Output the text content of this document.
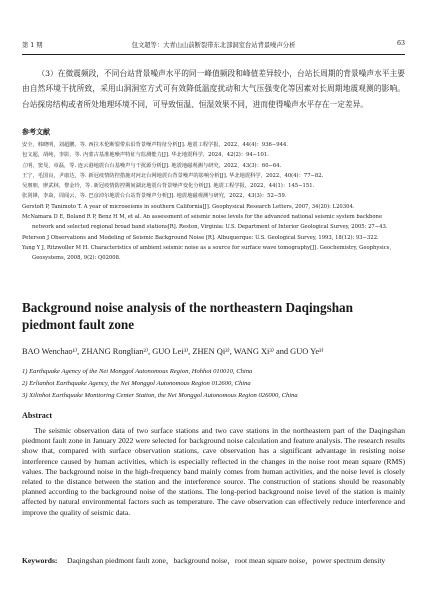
第 1 期	包文超等：大青山山前断裂带东北部洞室台站背景噪声分析	63

（3）在微震频段，不同台站背景噪声水平的同一峰值频段和峰值差异较小，台站长周期的背景噪声水平主要由自然环境干扰所致，采用山洞洞室方式可有效降低温度扰动和大气压强变化等因素对长周期地震观测的影响。台站探房结构或者所处地理环境不同，可导致恒温、恒湿效果不同，进而使得噪声水平存在一定差异。

参考文献
安全，韩晓明，刘超鹏，等. 西拉木伦断裂带东沿背景噪声特征分析[J]. 地震工程学报，2022，44(4)：936−944.
包文超，胡纯，李影，等. 内蒙古基准地噪声特征与监测能力[J]. 华北地震科学，2024，42(2)：94−101.
立明，窦旻，章磊，等. 连云港地震台台基噪声与干扰源分析[J]. 地震地磁观测与研究，2022，43(3)：60−64.
王宁，毛国良，尹康达，等. 新冠疫情防控措施对河北台网地震台背景噪声的影响分析[J]. 华北地震科学，2022，40(4)：77−82.
吴朋朋，廖武林，黎金玲，等. 新冠疫情防控期间湖北地震台背景噪声变化分析[J]. 地震工程学报，2022，44(1)：145−151.
张剑锋，李焱，周闻云，等. 巴彦淖尔地震台台站背景噪声分析[J]. 地震地磁观测与研究，2022，43(3)：52−59.
Gerstoft P, Tanimoto T. A year of microseisms in southern California[J]. Geophysical Research Letters, 2007, 34(20): L20304.
McNamara D E, Boland R P, Benz H M, et al. An assessment of seismic noise levels for the advanced national seismic system backbone network and selected regional broad band stations[R]. Reston, Virginia: U.S. Department of Interior Geological Survey, 2005: 27−43.
Peterson J Observations and Modeling of Seismic Background Noise [R]. Albuquerque: U.S. Geological Survey, 1993, 18(12): 93−322.
Yang Y J, Ritzwoller M H. Characteristics of ambient seismic noise as a source for surface wave tomography[J]. Geochemistry, Geophysics, Geosystems, 2008, 9(2): Q02008.
Background noise analysis of the northeastern Daqingshan piedmont fault zone
BAO Wenchao¹⁾, ZHANG Ronglian²⁾, GUO Lei³⁾, ZHEN Qi³⁾, WANG Xi³⁾ and GUO Ye³⁾
1) Earthquake Agency of the Nei Monggol Autonomous Region, Hohhot 010010, China
2) Erlianhot Earthquake Agency, the Nei Monggol Autonomous Region 012600, China
3) Xilinhot Earthquake Monitoring Center Station, the Nei Monggol Autonomous Region 026000, China
Abstract

The seismic observation data of two surface stations and two cave stations in the northeastern part of the Daqingshan piedmont fault zone in January 2022 were selected for background noise calculation and feature analysis. The research results show that, compared with surface observation stations, cave observation has a significant advantage in resisting noise interference caused by human activities, which is especially reflected in the changes in the noise root mean square (RMS) values. The background noise in the high-frequency band mainly comes from human activities, and the noise level is closely related to the distance between the station and the interference source. The construction of stations should be reasonably planned according to the background noise of the stations. The long-period background noise level of the station is mainly affected by natural environmental factors such as temperature. The cave observation can effectively reduce interference and improve the quality of seismic data.

Keywords: Daqingshan piedmont fault zone，background noise，root mean square noise，power spectrum density
